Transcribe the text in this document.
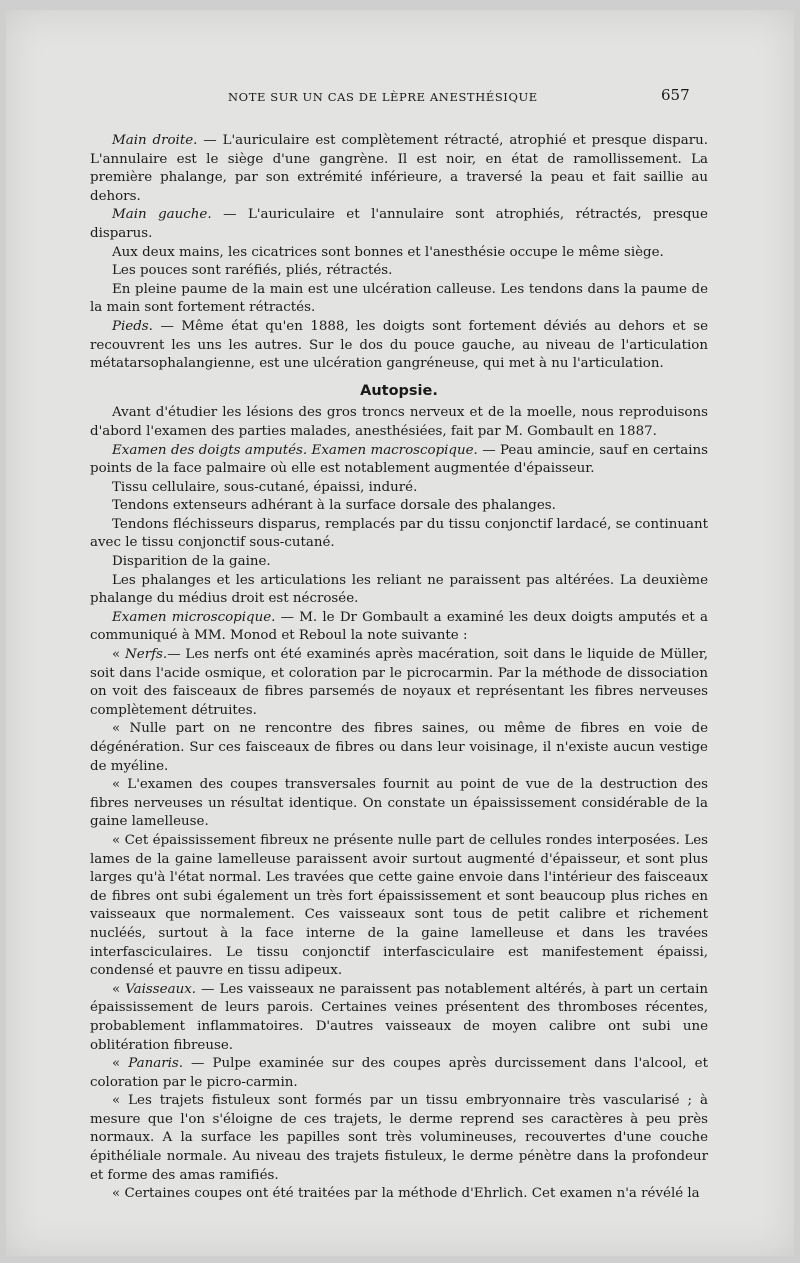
NOTE SUR UN CAS DE LÈPRE ANESTHÉSIQUE	657

Main droite. — L'auriculaire est complètement rétracté, atrophié et presque disparu. L'annulaire est le siège d'une gangrène. Il est noir, en état de ramollissement. La première phalange, par son extrémité inférieure, a traversé la peau et fait saillie au dehors.

Main gauche. — L'auriculaire et l'annulaire sont atrophiés, rétractés, presque disparus.

Aux deux mains, les cicatrices sont bonnes et l'anesthésie occupe le même siège.

Les pouces sont raréfiés, pliés, rétractés.

En pleine paume de la main est une ulcération calleuse. Les tendons dans la paume de la main sont fortement rétractés.

Pieds. — Même état qu'en 1888, les doigts sont fortement déviés au dehors et se recouvrent les uns les autres. Sur le dos du pouce gauche, au niveau de l'articulation métatarsophalangienne, est une ulcération gangréneuse, qui met à nu l'articulation.

Autopsie.

Avant d'étudier les lésions des gros troncs nerveux et de la moelle, nous reproduisons d'abord l'examen des parties malades, anesthésiées, fait par M. Gombault en 1887.

Examen des doigts amputés. Examen macroscopique. — Peau amincie, sauf en certains points de la face palmaire où elle est notablement augmentée d'épaisseur.

Tissu cellulaire, sous-cutané, épaissi, induré.

Tendons extenseurs adhérant à la surface dorsale des phalanges.

Tendons fléchisseurs disparus, remplacés par du tissu conjonctif lardacé, se continuant avec le tissu conjonctif sous-cutané.

Disparition de la gaine.

Les phalanges et les articulations les reliant ne paraissent pas altérées. La deuxième phalange du médius droit est nécrosée.

Examen microscopique. — M. le Dr Gombault a examiné les deux doigts amputés et a communiqué à MM. Monod et Reboul la note suivante :

« Nerfs.— Les nerfs ont été examinés après macération, soit dans le liquide de Müller, soit dans l'acide osmique, et coloration par le picrocarmin. Par la méthode de dissociation on voit des faisceaux de fibres parsemés de noyaux et représentant les fibres nerveuses complètement détruites.

« Nulle part on ne rencontre des fibres saines, ou même de fibres en voie de dégénération. Sur ces faisceaux de fibres ou dans leur voisinage, il n'existe aucun vestige de myéline.

« L'examen des coupes transversales fournit au point de vue de la destruction des fibres nerveuses un résultat identique. On constate un épaississement considérable de la gaine lamelleuse.

« Cet épaississement fibreux ne présente nulle part de cellules rondes interposées. Les lames de la gaine lamelleuse paraissent avoir surtout augmenté d'épaisseur, et sont plus larges qu'à l'état normal. Les travées que cette gaine envoie dans l'intérieur des faisceaux de fibres ont subi également un très fort épaississement et sont beaucoup plus riches en vaisseaux que normalement. Ces vaisseaux sont tous de petit calibre et richement nucléés, surtout à la face interne de la gaine lamelleuse et dans les travées interfasciculaires. Le tissu conjonctif interfasciculaire est manifestement épaissi, condensé et pauvre en tissu adipeux.

« Vaisseaux. — Les vaisseaux ne paraissent pas notablement altérés, à part un certain épaississement de leurs parois. Certaines veines présentent des thromboses récentes, probablement inflammatoires. D'autres vaisseaux de moyen calibre ont subi une oblitération fibreuse.

« Panaris. — Pulpe examinée sur des coupes après durcissement dans l'alcool, et coloration par le picro-carmin.

« Les trajets fistuleux sont formés par un tissu embryonnaire très vascularisé ; à mesure que l'on s'éloigne de ces trajets, le derme reprend ses caractères à peu près normaux. A la surface les papilles sont très volumineuses, recouvertes d'une couche épithéliale normale. Au niveau des trajets fistuleux, le derme pénètre dans la profondeur et forme des amas ramifiés.

« Certaines coupes ont été traitées par la méthode d'Ehrlich. Cet examen n'a révélé la
